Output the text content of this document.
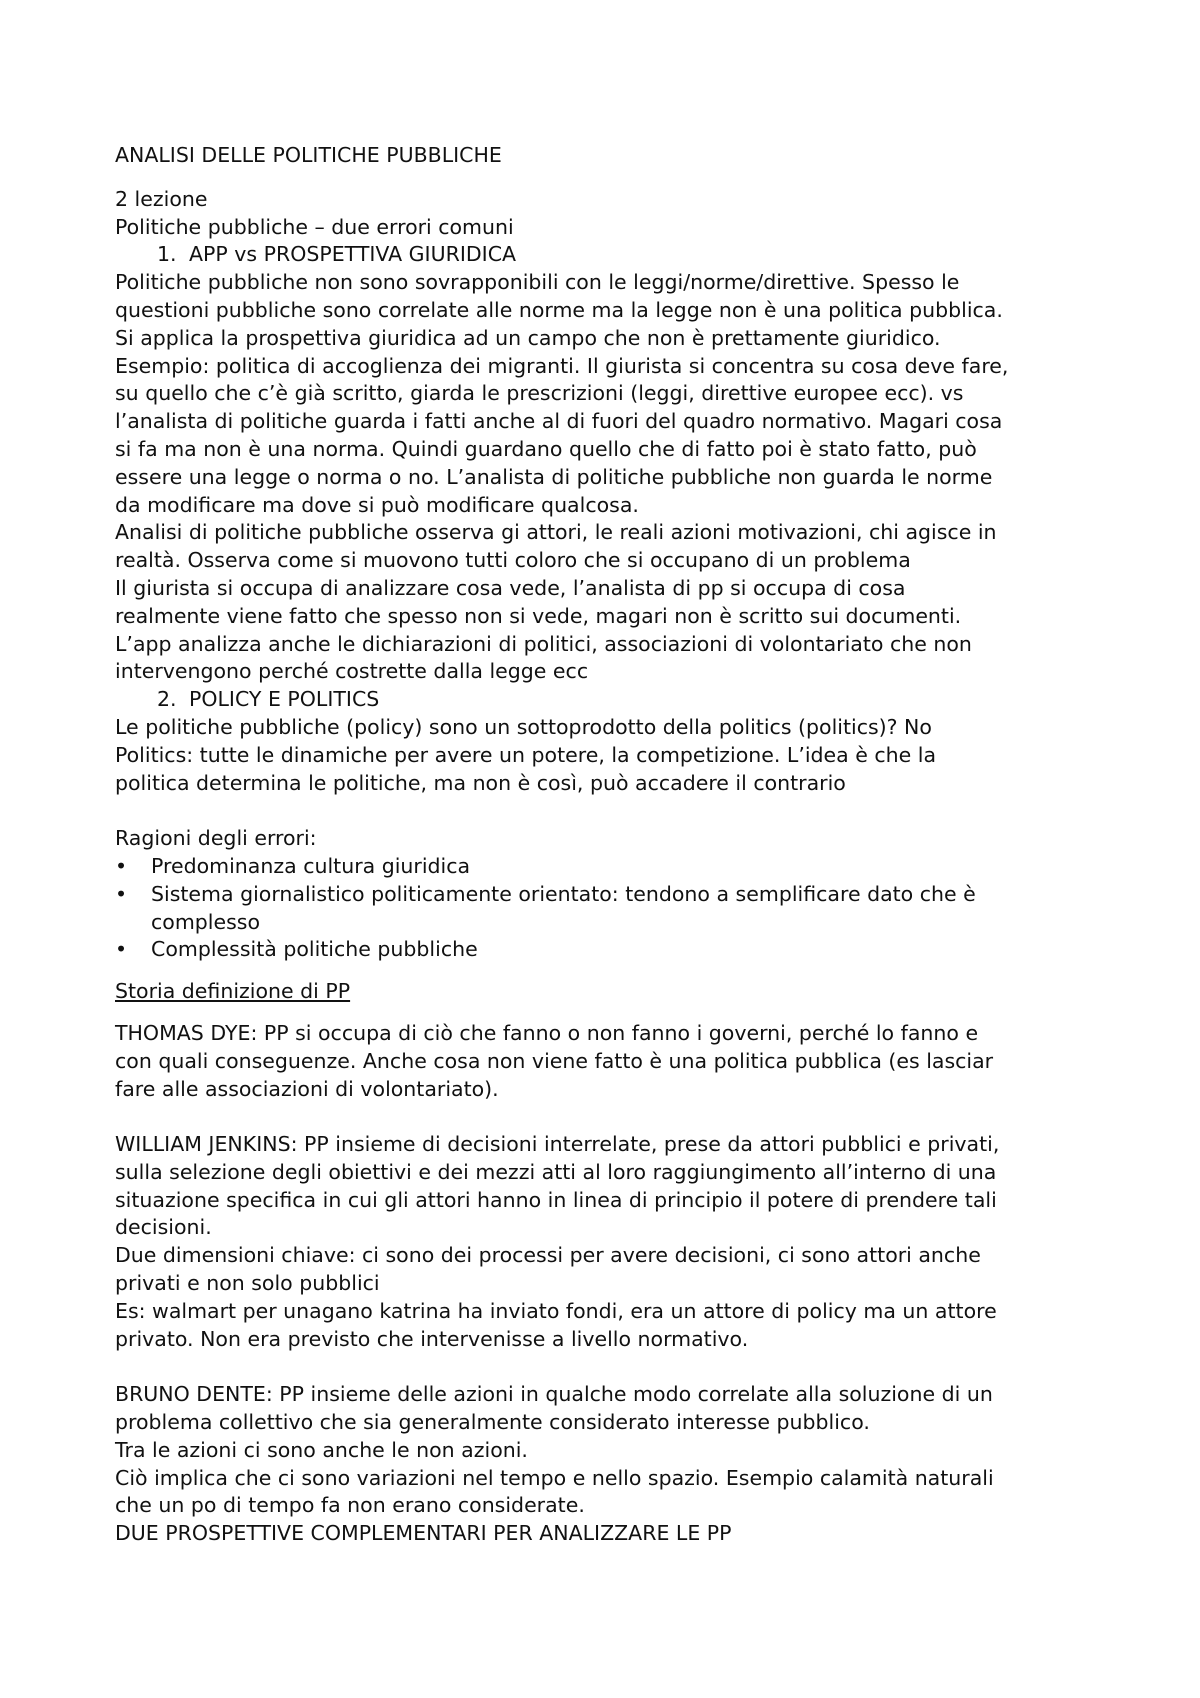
ANALISI DELLE POLITICHE PUBBLICHE

2 lezione

Politiche pubbliche – due errori comuni

1. APP vs PROSPETTIVA GIURIDICA

Politiche pubbliche non sono sovrapponibili con le leggi/norme/direttive. Spesso le

questioni pubbliche sono correlate alle norme ma la legge non è una politica pubblica.

Si applica la prospettiva giuridica ad un campo che non è prettamente giuridico.

Esempio: politica di accoglienza dei migranti. Il giurista si concentra su cosa deve fare,

su quello che c’è già scritto, giarda le prescrizioni (leggi, direttive europee ecc). vs

l’analista di politiche guarda i fatti anche al di fuori del quadro normativo. Magari cosa

si fa ma non è una norma. Quindi guardano quello che di fatto poi è stato fatto, può

essere una legge o norma o no. L’analista di politiche pubbliche non guarda le norme

da modificare ma dove si può modificare qualcosa.

Analisi di politiche pubbliche osserva gi attori, le reali azioni motivazioni, chi agisce in

realtà. Osserva come si muovono tutti coloro che si occupano di un problema

Il giurista si occupa di analizzare cosa vede, l’analista di pp si occupa di cosa

realmente viene fatto che spesso non si vede, magari non è scritto sui documenti.

L’app analizza anche le dichiarazioni di politici, associazioni di volontariato che non

intervengono perché costrette dalla legge ecc

2. POLICY E POLITICS

Le politiche pubbliche (policy) sono un sottoprodotto della politics (politics)? No

Politics: tutte le dinamiche per avere un potere, la competizione. L’idea è che la

politica determina le politiche, ma non è così, può accadere il contrario

Ragioni degli errori:

• Predominanza cultura giuridica
• Sistema giornalistico politicamente orientato: tendono a semplificare dato che è
complesso
• Complessità politiche pubbliche

Storia definizione di PP

THOMAS DYE: PP si occupa di ciò che fanno o non fanno i governi, perché lo fanno e

con quali conseguenze. Anche cosa non viene fatto è una politica pubblica (es lasciar

fare alle associazioni di volontariato).

WILLIAM JENKINS: PP insieme di decisioni interrelate, prese da attori pubblici e privati,

sulla selezione degli obiettivi e dei mezzi atti al loro raggiungimento all’interno di una

situazione specifica in cui gli attori hanno in linea di principio il potere di prendere tali

decisioni.

Due dimensioni chiave: ci sono dei processi per avere decisioni, ci sono attori anche

privati e non solo pubblici

Es: walmart per unagano katrina ha inviato fondi, era un attore di policy ma un attore

privato. Non era previsto che intervenisse a livello normativo.

BRUNO DENTE: PP insieme delle azioni in qualche modo correlate alla soluzione di un

problema collettivo che sia generalmente considerato interesse pubblico.

Tra le azioni ci sono anche le non azioni.

Ciò implica che ci sono variazioni nel tempo e nello spazio. Esempio calamità naturali

che un po di tempo fa non erano considerate.

DUE PROSPETTIVE COMPLEMENTARI PER ANALIZZARE LE PP
